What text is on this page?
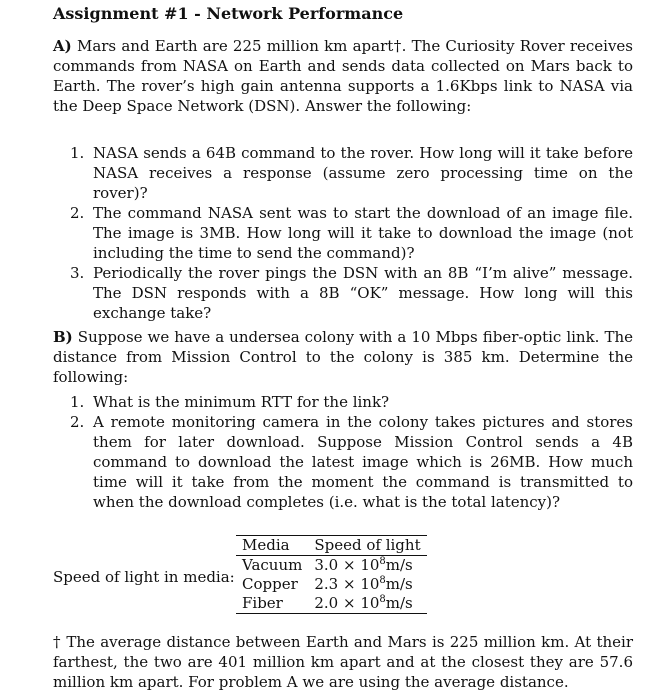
Assignment #1 - Network Performance

A) Mars and Earth are 225 million km apart†. The Curiosity Rover receives commands from NASA on Earth and sends data collected on Mars back to Earth. The rover’s high gain antenna supports a 1.6Kbps link to NASA via the Deep Space Network (DSN). Answer the following:

1. NASA sends a 64B command to the rover. How long will it take before NASA receives a response (assume zero processing time on the rover)?
2. The command NASA sent was to start the download of an image file. The image is 3MB. How long will it take to download the image (not including the time to send the command)?
3. Periodically the rover pings the DSN with an 8B “I’m alive” message. The DSN responds with a 8B “OK” message. How long will this exchange take?

B) Suppose we have a undersea colony with a 10 Mbps fiber-optic link. The distance from Mission Control to the colony is 385 km. Determine the following:

1. What is the minimum RTT for the link?
2. A remote monitoring camera in the colony takes pictures and stores them for later download. Suppose Mission Control sends a 4B command to download the latest image which is 26MB. How much time will it take from the moment the command is transmitted to when the download completes (i.e. what is the total latency)?
Speed of light in media:
Media	Speed of light
Vacuum	$3.0 \times 10^8m/s$
Copper	$2.3 \times 10^8m/s$
Fiber	$2.0 \times 10^8m/s$

† The average distance between Earth and Mars is 225 million km. At their farthest, the two are 401 million km apart and at the closest they are 57.6 million km apart. For problem A we are using the average distance.
